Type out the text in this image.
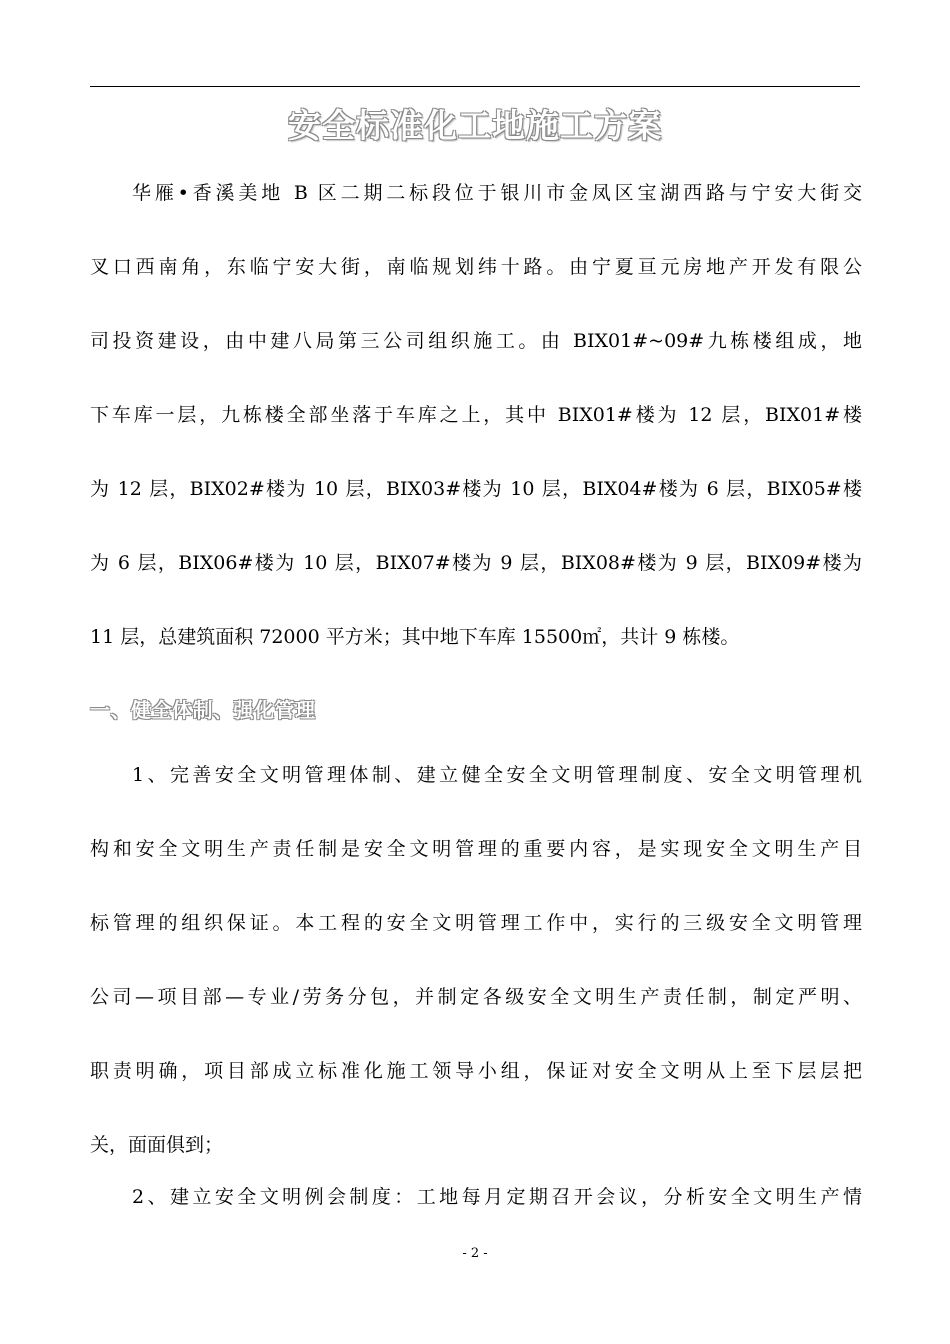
安全标准化工地施工方案
华雁•香溪美地 B 区二期二标段位于银川市金凤区宝湖西路与宁安大街交
叉口西南角，东临宁安大街，南临规划纬十路。由宁夏亘元房地产开发有限公
司投资建设，由中建八局第三公司组织施工。由 BIX01#~09#九栋楼组成，地
下车库一层，九栋楼全部坐落于车库之上，其中 BIX01#楼为 12 层，BIX01#楼
为 12 层，BIX02#楼为 10 层，BIX03#楼为 10 层，BIX04#楼为 6 层，BIX05#楼
为 6 层，BIX06#楼为 10 层，BIX07#楼为 9 层，BIX08#楼为 9 层，BIX09#楼为
11 层，总建筑面积 72000 平方米；其中地下车库 15500㎡，共计 9 栋楼。
一、健全体制、强化管理
1、完善安全文明管理体制、建立健全安全文明管理制度、安全文明管理机
构和安全文明生产责任制是安全文明管理的重要内容，是实现安全文明生产目
标管理的组织保证。本工程的安全文明管理工作中，实行的三级安全文明管理
公司—项目部—专业/劳务分包，并制定各级安全文明生产责任制，制定严明、
职责明确，项目部成立标准化施工领导小组，保证对安全文明从上至下层层把
关，面面俱到；
2、建立安全文明例会制度：工地每月定期召开会议，分析安全文明生产情
- 2 -
